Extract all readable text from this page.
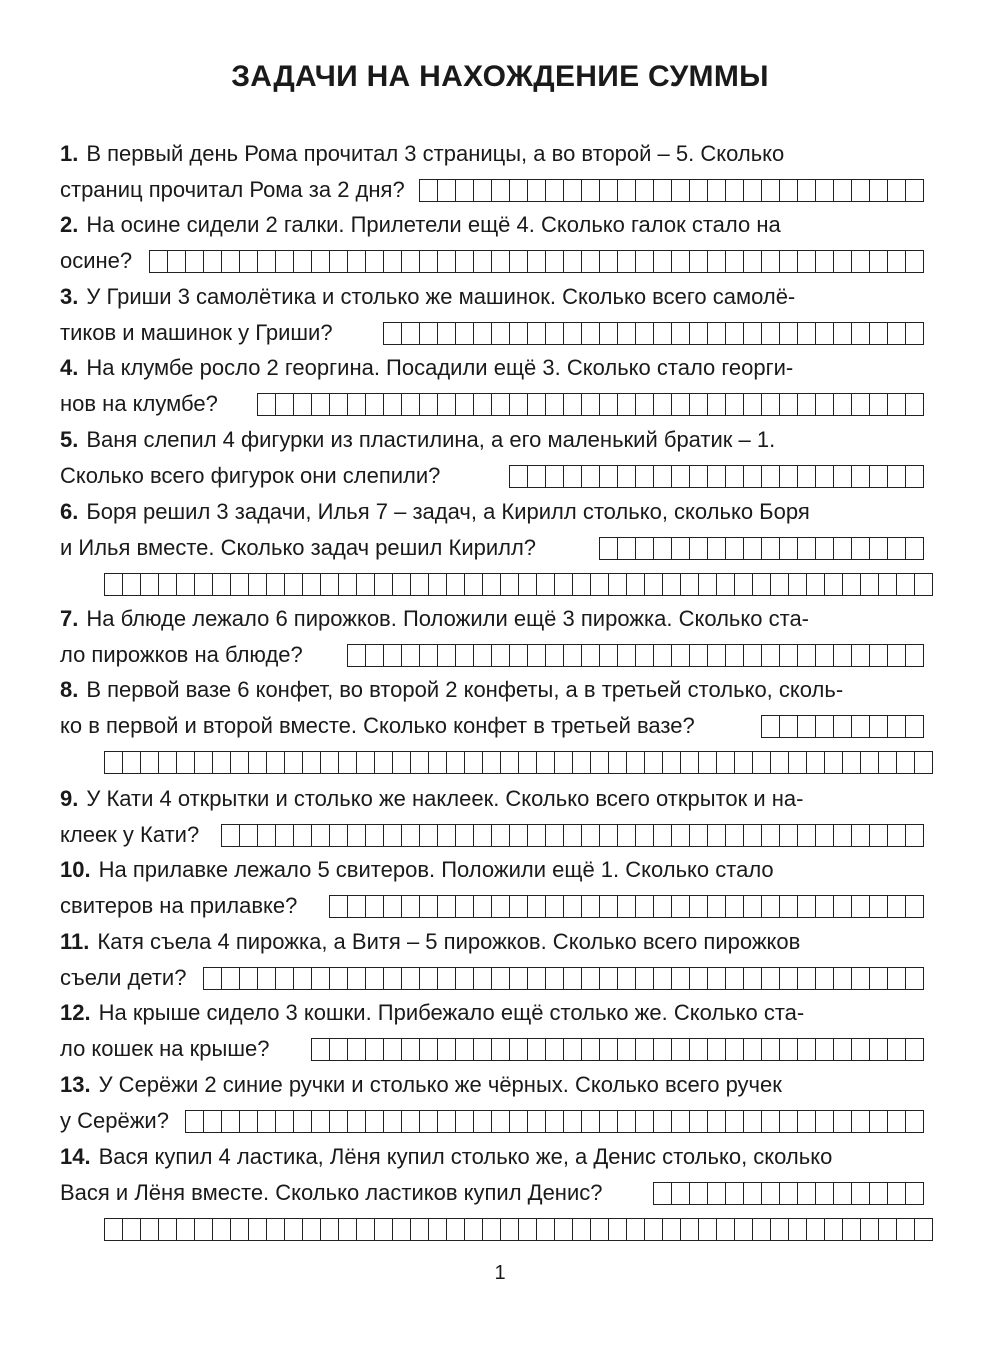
ЗАДАЧИ НА НАХОЖДЕНИЕ СУММЫ
1. В первый день Рома прочитал 3 страницы, а во второй – 5. Сколько
страниц прочитал Рома за 2 дня?
2. На осине сидели 2 галки. Прилетели ещё 4. Сколько галок стало на
осине?
3. У Гриши 3 самолётика и столько же машинок. Сколько всего самолё-
тиков и машинок у Гриши?
4. На клумбе росло 2 георгина. Посадили ещё 3. Сколько стало георги-
нов на клумбе?
5. Ваня слепил 4 фигурки из пластилина, а его маленький братик – 1.
Сколько всего фигурок они слепили?
6. Боря решил 3 задачи, Илья 7 – задач, а Кирилл столько, сколько Боря
и Илья вместе. Сколько задач решил Кирилл?
7. На блюде лежало 6 пирожков. Положили ещё 3 пирожка. Сколько ста-
ло пирожков на блюде?
8. В первой вазе 6 конфет, во второй 2 конфеты, а в третьей столько, сколь-
ко в первой и второй вместе. Сколько конфет в третьей вазе?
9. У Кати 4 открытки и столько же наклеек. Сколько всего открыток и на-
клеек у Кати?
10. На прилавке лежало 5 свитеров. Положили ещё 1. Сколько стало
свитеров на прилавке?
11. Катя съела 4 пирожка, а Витя – 5 пирожков. Сколько всего пирожков
съели дети?
12. На крыше сидело 3 кошки. Прибежало ещё столько же. Сколько ста-
ло кошек на крыше?
13. У Серёжи 2 синие ручки и столько же чёрных. Сколько всего ручек
у Серёжи?
14. Вася купил 4 ластика, Лёня купил столько же, а Денис столько, сколько
Вася и Лёня вместе. Сколько ластиков купил Денис?
1
